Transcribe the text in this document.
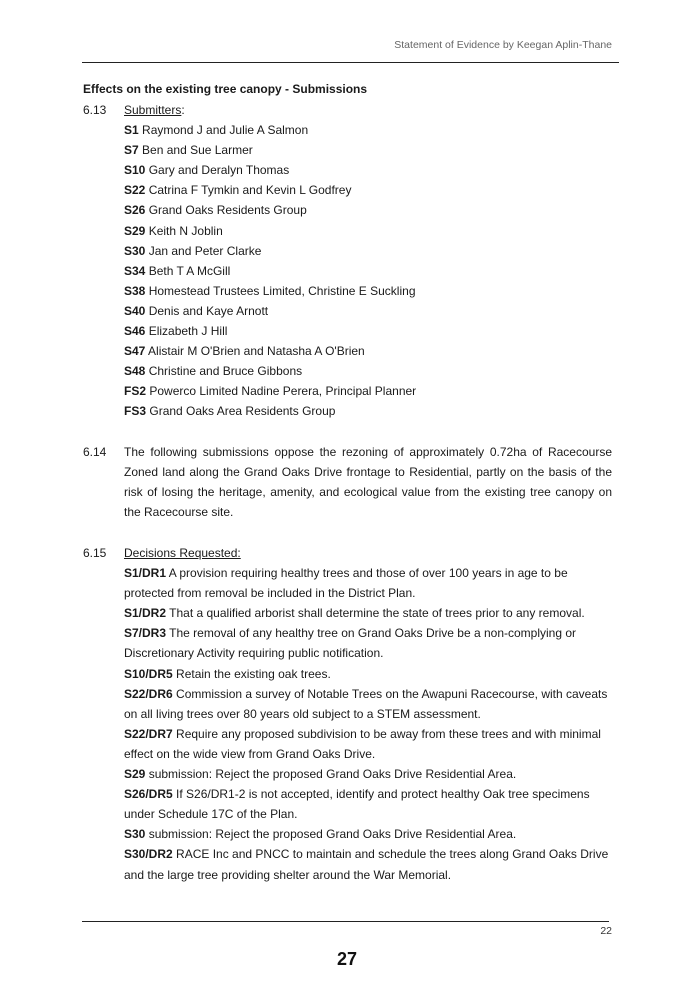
Statement of Evidence by Keegan Aplin-Thane
Effects on the existing tree canopy - Submissions
6.13	Submitters:
S1 Raymond J and Julie A Salmon
S7 Ben and Sue Larmer
S10 Gary and Deralyn Thomas
S22 Catrina F Tymkin and Kevin L Godfrey
S26 Grand Oaks Residents Group
S29 Keith N Joblin
S30 Jan and Peter Clarke
S34 Beth T A McGill
S38 Homestead Trustees Limited, Christine E Suckling
S40 Denis and Kaye Arnott
S46 Elizabeth J Hill
S47 Alistair M O'Brien and Natasha A O'Brien
S48 Christine and Bruce Gibbons
FS2 Powerco Limited Nadine Perera, Principal Planner
FS3 Grand Oaks Area Residents Group
6.14	The following submissions oppose the rezoning of approximately 0.72ha of Racecourse Zoned land along the Grand Oaks Drive frontage to Residential, partly on the basis of the risk of losing the heritage, amenity, and ecological value from the existing tree canopy on the Racecourse site.
6.15	Decisions Requested:
S1/DR1 A provision requiring healthy trees and those of over 100 years in age to be protected from removal be included in the District Plan.
S1/DR2 That a qualified arborist shall determine the state of trees prior to any removal.
S7/DR3 The removal of any healthy tree on Grand Oaks Drive be a non-complying or Discretionary Activity requiring public notification.
S10/DR5 Retain the existing oak trees.
S22/DR6 Commission a survey of Notable Trees on the Awapuni Racecourse, with caveats on all living trees over 80 years old subject to a STEM assessment.
S22/DR7 Require any proposed subdivision to be away from these trees and with minimal effect on the wide view from Grand Oaks Drive.
S29 submission: Reject the proposed Grand Oaks Drive Residential Area.
S26/DR5 If S26/DR1-2 is not accepted, identify and protect healthy Oak tree specimens under Schedule 17C of the Plan.
S30 submission: Reject the proposed Grand Oaks Drive Residential Area.
S30/DR2 RACE Inc and PNCC to maintain and schedule the trees along Grand Oaks Drive and the large tree providing shelter around the War Memorial.
22
27
